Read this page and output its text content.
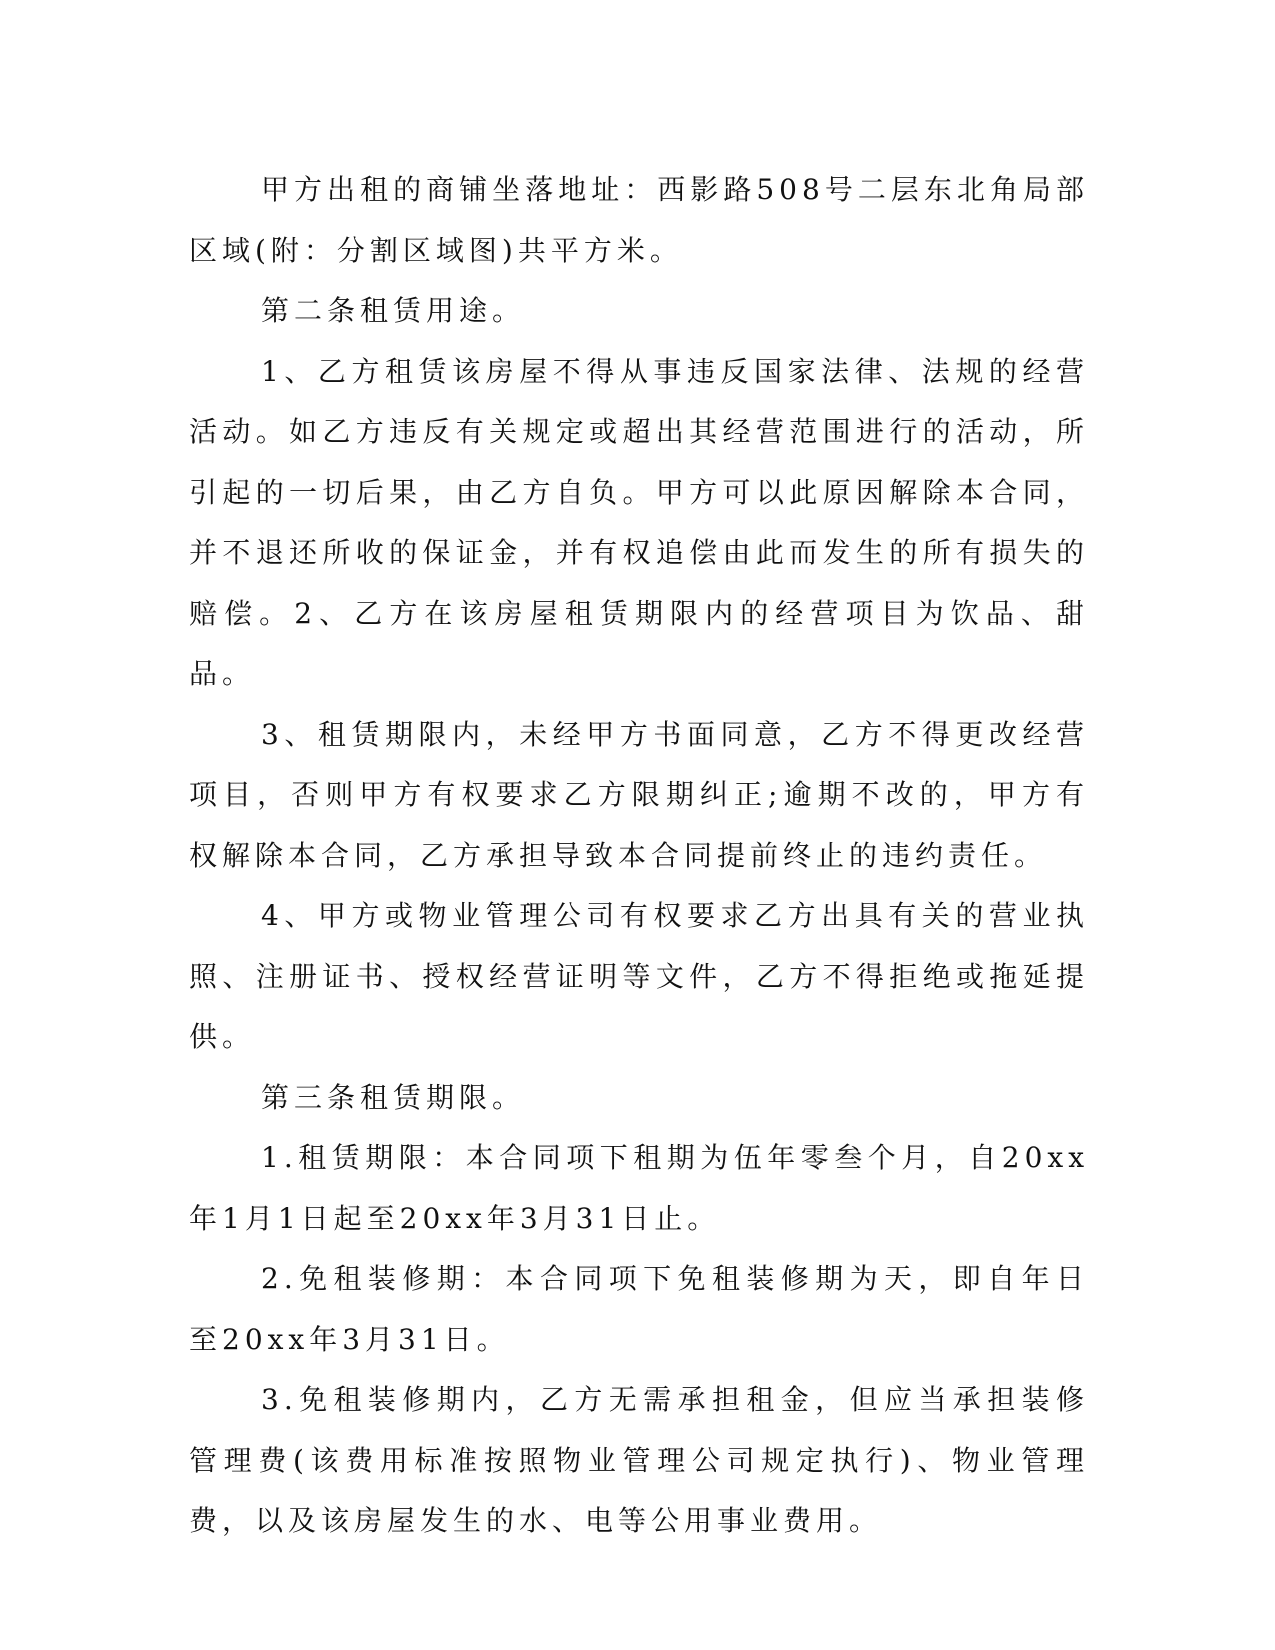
甲方出租的商铺坐落地址：西影路508号二层东北角局部区域(附：分割区域图)共平方米。

第二条租赁用途。

1、乙方租赁该房屋不得从事违反国家法律、法规的经营活动。如乙方违反有关规定或超出其经营范围进行的活动，所引起的一切后果，由乙方自负。甲方可以此原因解除本合同，并不退还所收的保证金，并有权追偿由此而发生的所有损失的赔偿。2、乙方在该房屋租赁期限内的经营项目为饮品、甜品。

3、租赁期限内，未经甲方书面同意，乙方不得更改经营项目，否则甲方有权要求乙方限期纠正;逾期不改的，甲方有权解除本合同，乙方承担导致本合同提前终止的违约责任。

4、甲方或物业管理公司有权要求乙方出具有关的营业执照、注册证书、授权经营证明等文件，乙方不得拒绝或拖延提供。

第三条租赁期限。

1.租赁期限：本合同项下租期为伍年零叁个月，自20xx年1月1日起至20xx年3月31日止。

2.免租装修期：本合同项下免租装修期为天，即自年日至20xx年3月31日。

3.免租装修期内，乙方无需承担租金，但应当承担装修管理费(该费用标准按照物业管理公司规定执行)、物业管理费，以及该房屋发生的水、电等公用事业费用。
